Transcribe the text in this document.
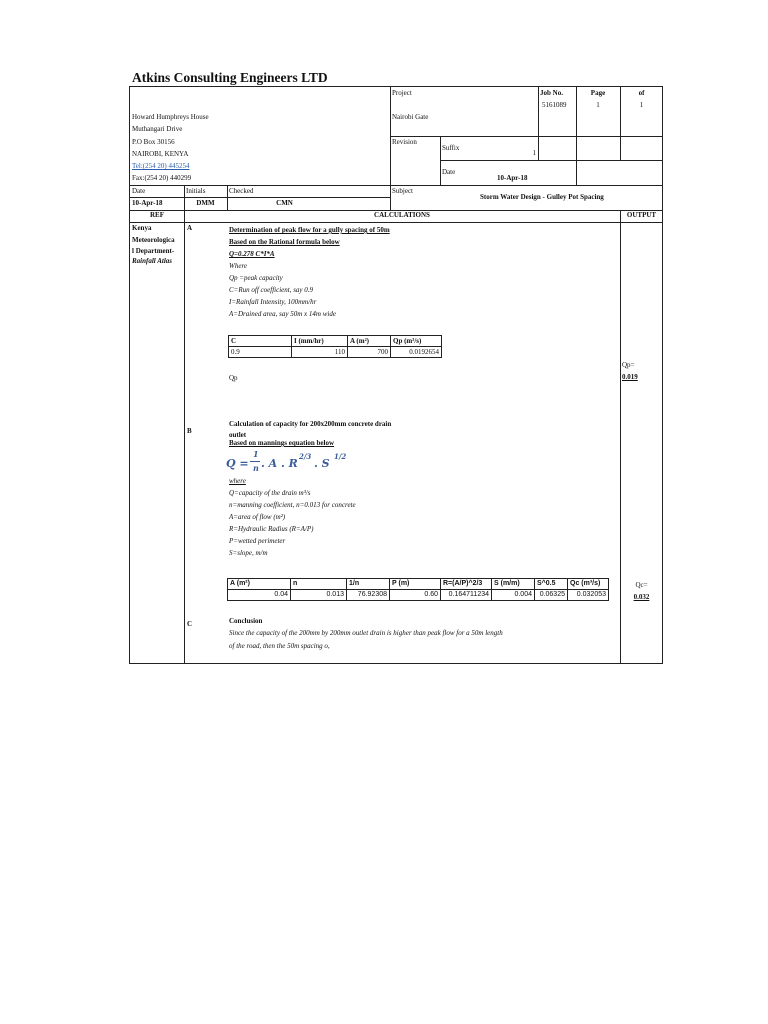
Atkins Consulting Engineers LTD
Howard Humphreys House
Muthangari Drive
P.O Box 30156
NAIROBI, KENYA
Tel:(254 20) 445254
Fax:(254 20) 440299
Project
Nairobi Gate
Job No.
5161089
Page
1
of
1
Revision
Suffix
1
Date
10-Apr-18
Subject
Storm Water Design - Gulley Pot Spacing
Date
10-Apr-18
Initials
DMM
Checked
CMN
REF	CALCULATIONS	OUTPUT
Kenya
Meteorologica
l Department-
Rainfall Atlas
A	Determination of peak flow for a gully spacing of 50m
Based on the Rational formula below
Q=0.278 C*I*A
Where
Qp =peak capacity
C=Run off coefficient, say 0.9
I=Rainfall Intensity, 100mm/hr
A=Drained area, say 50m x 14m wide
C	I (mm/hr)	A (m²)	Qp (m³/s)
0.9	110	700	0.0192654
Qp
Qp=
0.019
B
Calculation of capacity for 200x200mm concrete drain
outlet
Based on mannings equation below
Q =
1
n . A . R
2/3
. S
1/2
where
Q=capacity of the drain m³/s
n=manning coefficient, n=0.013 for concrete
A=area of flow (m²)
R=Hydraulic Radius (R=A/P)
P=wetted perimeter
S=slope, m/m
A (m²)	n	1/n	P (m)	R=(A/P)^2/3	S (m/m)	S^0.5	Qc (m³/s)
0.04	0.013	76.92308	0.60	0.164711234	0.004	0.06325	0.032053
Qc=
0.032
C	Conclusion
Since the capacity of the 200mm by 200mm outlet drain is higher than peak flow for a 50m length
of the road, then the 50m spacing o,
